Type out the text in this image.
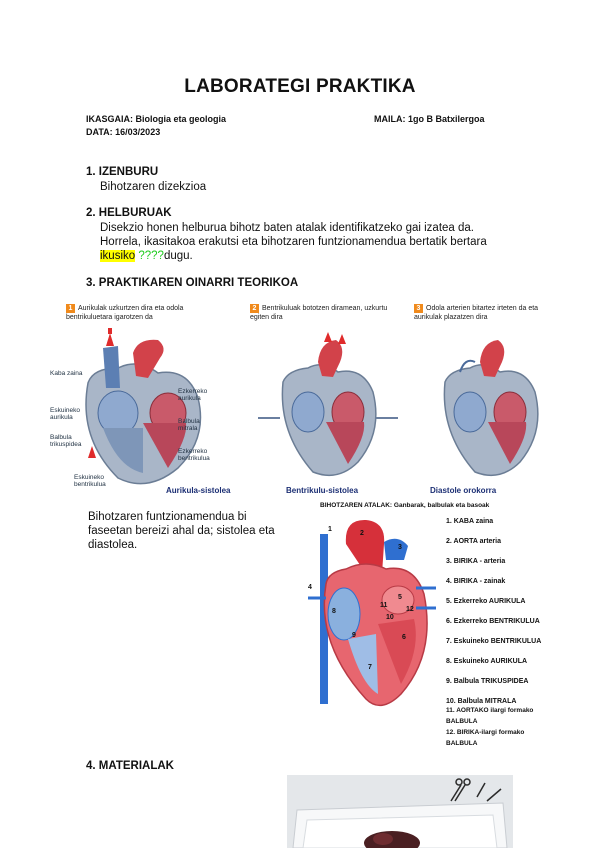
LABORATEGI PRAKTIKA
IKASGAIA: Biologia eta geologia	MAILA: 1go B Batxilergoa
DATA: 16/03/2023
1. IZENBURU
Bihotzaren dizekzioa
2. HELBURUAK
Disekzio honen helburua bihotz baten atalak identifikatzeko gai izatea da.
Horrela, ikasitakoa erakutsi eta bihotzaren funtzionamendua bertatik bertara
ikusiko ????dugu.
3. PRAKTIKAREN OINARRI TEORIKOA
1 Aurikulak uzkurtzen dira eta odola bentrikuluetara igarotzen da
Kaba zaina
Ezkerreko aurikula
Eskuineko aurikula
Balbula mitrala
Balbula trikuspidea
Ezkerreko bentrikulua
Eskuineko bentrikulua
Aurikula-sistolea
2 Bentrikuluak bototzen diramean, uzkurtu egiten dira
Bentrikulu-sistolea
3 Odola arterien bitartez irteten da eta aurikulak plazatzen dira
Diastole orokorra
Bihotzaren funtzionamendua bi
faseetan bereizi ahal da; sistolea eta
diastolea.
BIHOTZAREN ATALAK: Ganbarak, balbulak eta basoak
1
2
3
4
5
6
7
8
9
10
11
12
1. KABA zaina
2. AORTA arteria
3. BIRIKA - arteria
4. BIRIKA - zainak
5. Ezkerreko AURIKULA
6. Ezkerreko BENTRIKULUA
7. Eskuineko BENTRIKULUA
8. Eskuineko AURIKULA
9. Balbula TRIKUSPIDEA
10. Balbula MITRALA
11. AORTAKO ilargi formako BALBULA
12. BIRIKA-ilargi formako BALBULA
4. MATERIALAK
